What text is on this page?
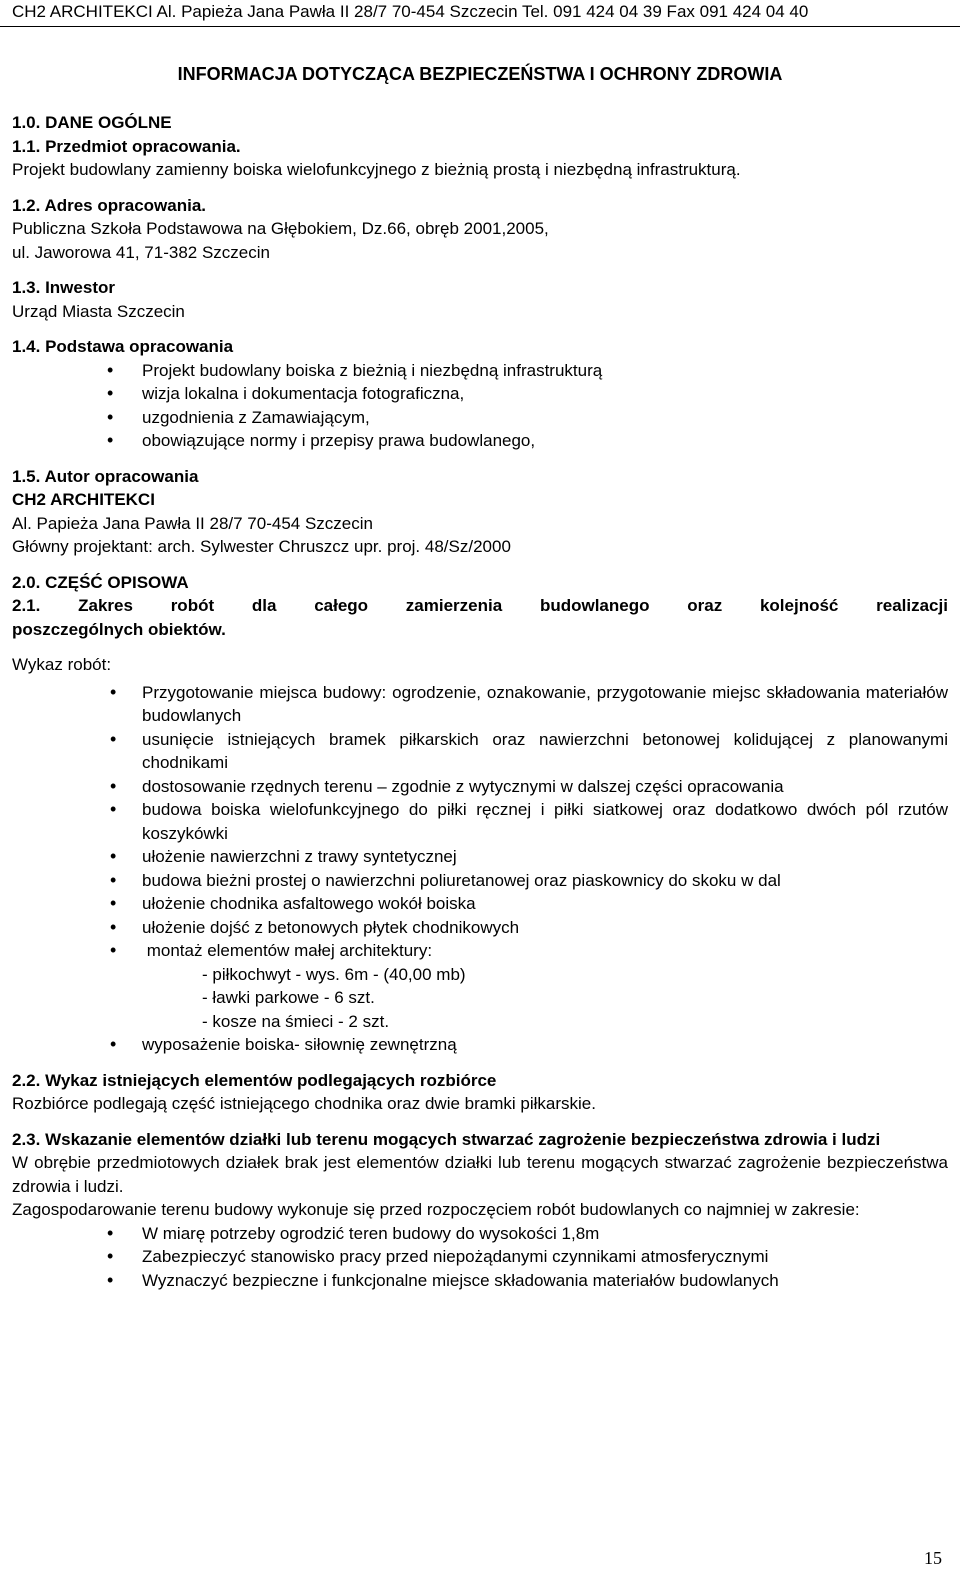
CH2 ARCHITEKCI Al. Papieża Jana Pawła II 28/7 70-454 Szczecin Tel. 091 424 04 39 Fax 091 424 04 40
INFORMACJA DOTYCZĄCA BEZPIECZEŃSTWA I OCHRONY ZDROWIA

1.0. DANE OGÓLNE

1.1. Przedmiot opracowania.

Projekt budowlany zamienny boiska wielofunkcyjnego z bieżnią prostą i niezbędną infrastrukturą.

1.2. Adres opracowania.

Publiczna Szkoła Podstawowa na Głębokiem, Dz.66, obręb 2001,2005,

ul. Jaworowa 41, 71-382 Szczecin

1.3. Inwestor

Urząd Miasta Szczecin

1.4. Podstawa opracowania

• Projekt budowlany boiska z bieżnią i niezbędną infrastrukturą
• wizja lokalna i dokumentacja fotograficzna,
• uzgodnienia z Zamawiającym,
• obowiązujące normy i przepisy prawa budowlanego,

1.5. Autor opracowania

CH2 ARCHITEKCI

Al. Papieża Jana Pawła II 28/7 70-454 Szczecin

Główny projektant: arch. Sylwester Chruszcz upr. proj. 48/Sz/2000

2.0. CZĘŚĆ OPISOWA

2.1. Zakres robót dla całego zamierzenia budowlanego oraz kolejność realizacji

poszczególnych obiektów.

Wykaz robót:

• Przygotowanie miejsca budowy: ogrodzenie, oznakowanie, przygotowanie miejsc składowania materiałów budowlanych
• usunięcie istniejących bramek piłkarskich oraz nawierzchni betonowej kolidującej z planowanymi chodnikami
• dostosowanie rzędnych terenu – zgodnie z wytycznymi w dalszej części opracowania
• budowa boiska wielofunkcyjnego do piłki ręcznej i piłki siatkowej oraz dodatkowo dwóch pól rzutów koszykówki
• ułożenie nawierzchni z trawy syntetycznej
• budowa bieżni prostej o nawierzchni poliuretanowej oraz piaskownicy do skoku w dal
• ułożenie chodnika asfaltowego wokół boiska
• ułożenie dojść z betonowych płytek chodnikowych
•  montaż elementów małej architektury:

- piłkochwyt - wys. 6m - (40,00 mb)

- ławki parkowe - 6 szt.

- kosze na śmieci - 2 szt.

• wyposażenie boiska- siłownię zewnętrzną

2.2. Wykaz istniejących elementów podlegających rozbiórce

Rozbiórce podlegają część istniejącego chodnika oraz dwie bramki piłkarskie.

2.3. Wskazanie elementów działki lub terenu mogących stwarzać zagrożenie bezpieczeństwa zdrowia i ludzi

W obrębie przedmiotowych działek brak jest elementów działki lub terenu mogących stwarzać zagrożenie bezpieczeństwa zdrowia i ludzi.

Zagospodarowanie terenu budowy wykonuje się przed rozpoczęciem robót budowlanych co najmniej w zakresie:

• W miarę potrzeby ogrodzić teren budowy do wysokości 1,8m
• Zabezpieczyć stanowisko pracy przed niepożądanymi czynnikami atmosferycznymi
• Wyznaczyć bezpieczne i funkcjonalne miejsce składowania materiałów budowlanych
15
